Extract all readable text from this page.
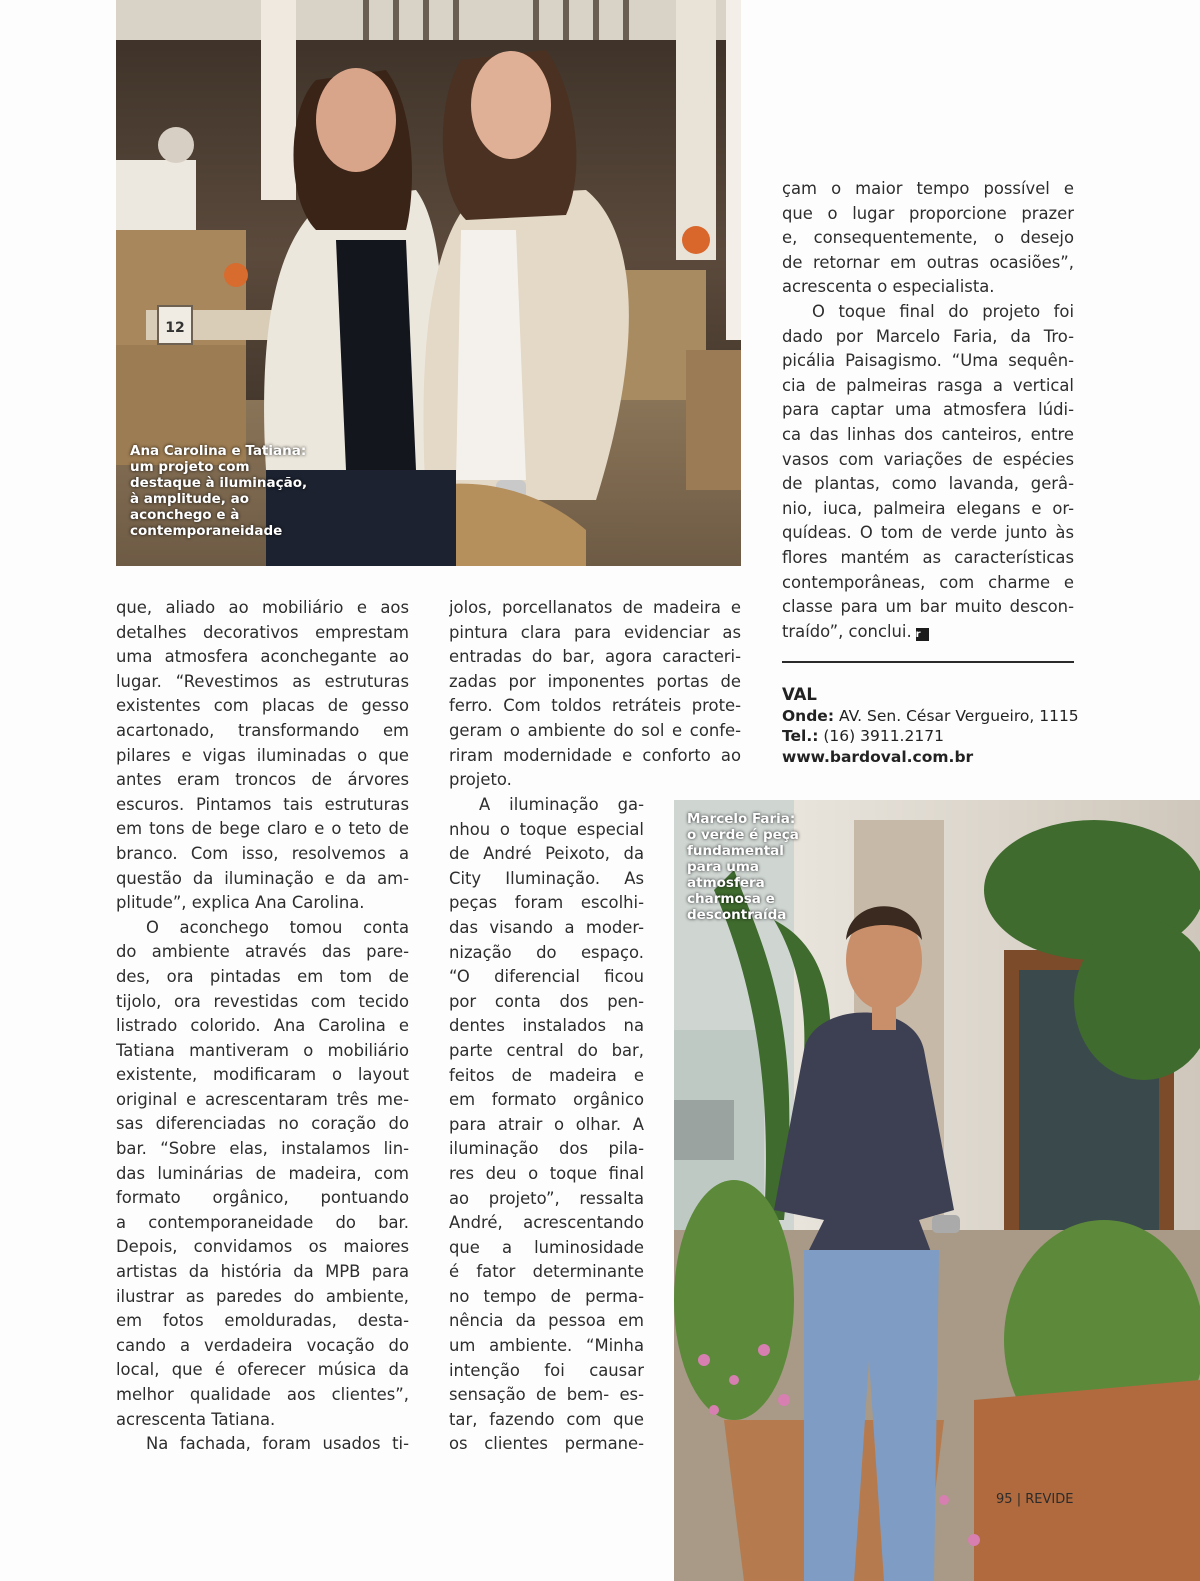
12
Ana Carolina e Tatiana:
um projeto com
destaque à iluminação,
à amplitude, ao
aconchego e à
contemporaneidade
Marcelo Faria:
o verde é peça
fundamental
para uma
atmosfera
charmosa e
descontraída
que, aliado ao mobiliário e aos
detalhes decorativos emprestam
uma atmosfera aconchegante ao
lugar. “Revestimos as estruturas
existentes com placas de gesso
acartonado, transformando em
pilares e vigas iluminadas o que
antes eram troncos de árvores
escuros. Pintamos tais estruturas
em tons de bege claro e o teto de
branco. Com isso, resolvemos a
questão da iluminação e da am-
plitude”, explica Ana Carolina.
O aconchego tomou conta
do ambiente através das pare-
des, ora pintadas em tom de
tijolo, ora revestidas com tecido
listrado colorido. Ana Carolina e
Tatiana mantiveram o mobiliário
existente, modificaram o layout
original e acrescentaram três me-
sas diferenciadas no coração do
bar. “Sobre elas, instalamos lin-
das luminárias de madeira, com
formato orgânico, pontuando
a contemporaneidade do bar.
Depois, convidamos os maiores
artistas da história da MPB para
ilustrar as paredes do ambiente,
em fotos emolduradas, desta-
cando a verdadeira vocação do
local, que é oferecer música da
melhor qualidade aos clientes”,
acrescenta Tatiana.
Na fachada, foram usados ti-
jolos, porcellanatos de madeira e
pintura clara para evidenciar as
entradas do bar, agora caracteri-
zadas por imponentes portas de
ferro. Com toldos retráteis prote-
geram o ambiente do sol e confe-
riram modernidade e conforto ao
projeto.
A iluminação ga-
nhou o toque especial
de André Peixoto, da
City Iluminação. As
peças foram escolhi-
das visando a moder-
nização do espaço.
“O diferencial ficou
por conta dos pen-
dentes instalados na
parte central do bar,
feitos de madeira e
em formato orgânico
para atrair o olhar. A
iluminação dos pila-
res deu o toque final
ao projeto”, ressalta
André, acrescentando
que a luminosidade
é fator determinante
no tempo de perma-
nência da pessoa em
um ambiente. “Minha
intenção foi causar
sensação de bem- es-
tar, fazendo com que
os clientes permane-
çam o maior tempo possível e
que o lugar proporcione prazer
e, consequentemente, o desejo
de retornar em outras ocasiões”,
acrescenta o especialista.
O toque final do projeto foi
dado por Marcelo Faria, da Tro-
picália Paisagismo. “Uma sequên-
cia de palmeiras rasga a vertical
para captar uma atmosfera lúdi-
ca das linhas dos canteiros, entre
vasos com variações de espécies
de plantas, como lavanda, gerâ-
nio, iuca, palmeira elegans e or-
quídeas. O tom de verde junto às
flores mantém as características
contemporâneas, com charme e
classe para um bar muito descon-
traído”, conclui. r
VAL
Onde: AV. Sen. César Vergueiro, 1115
Tel.: (16) 3911.2171
www.bardoval.com.br
95 | REVIDE
